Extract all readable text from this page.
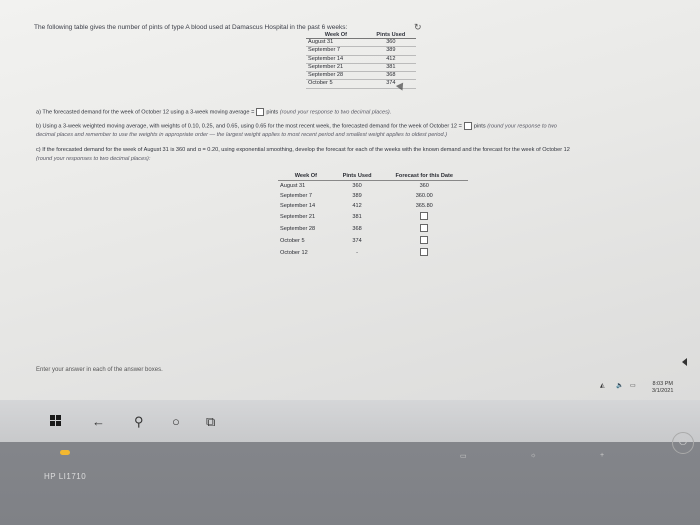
The following table gives the number of pints of type A blood used at Damascus Hospital in the past 6 weeks:	↻
Week Of	Pints Used
August 31	360
September 7	389
September 14	412
September 21	381
September 28	368
October 5	374
a) The forecasted demand for the week of October 12 using a 3-week moving average = pints (round your response to two decimal places).
b) Using a 3-week weighted moving average, with weights of 0.10, 0.25, and 0.65, using 0.65 for the most recent week, the forecasted demand for the week of October 12 = pints (round your response to two
decimal places and remember to use the weights in appropriate order — the largest weight applies to most recent period and smallest weight applies to oldest period.)
c) If the forecasted demand for the week of August 31 is 360 and α = 0.20, using exponential smoothing, develop the forecast for each of the weeks with the known demand and the forecast for the week of October 12
(round your responses to two decimal places):
Week Of	Pints Used	Forecast for this Date
August 31	360	360
September 7	389	360.00
September 14	412	365.80
September 21	381	
September 28	368	
October 5	374	
October 12	-	
Enter your answer in each of the answer boxes.
◭ 🔈 ▭	8:03 PM
3/1/2021
← ⚲ ○ ⧉
HP LI1710
▭	☼	+
⏻
